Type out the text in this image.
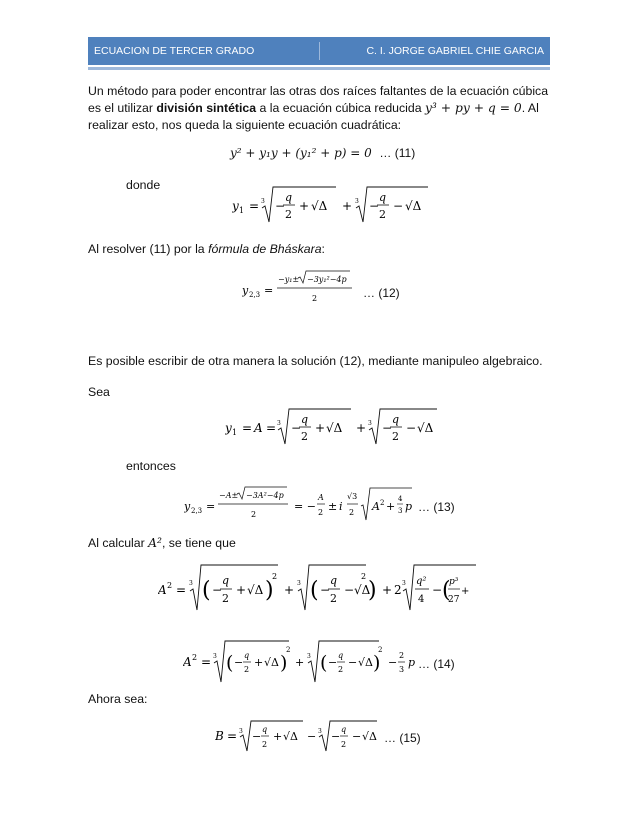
ECUACION DE TERCER GRADO	C. I. JORGE GABRIEL CHIE GARCIA
Un método para poder encontrar las otras dos raíces faltantes de la ecuación cúbica
es el utilizar división sintética a la ecuación cúbica reducida y³ + py + q = 0. Al
realizar esto, nos queda la siguiente ecuación cuadrática:
y² + y₁y + (y₁² + p) = 0 … (11)
donde
y 1 = 3 −
q
2
+ √Δ + 3 −
q
2
− √Δ
Al resolver (11) por la fórmula de Bháskara:
y 2,3 =
−y₁± −3y₁²−4p
2	… (12)
Es posible escribir de otra manera la solución (12), mediante manipuleo algebraico.
Sea
y 1 = A = 3 −
q
2
+ √Δ + 3 −
q
2
− √Δ
entonces
y 2,3 =
−A± −3A²−4p
2
= −
A
2 ± i
√3
2 A 2 +
4
3 p … (13)
Al calcular A², se tiene que
A 2 = 3 ( −
q
2
+ √Δ )
2
+ 3 ( −
q
2
− √Δ
)
2
+ 2 3 q²
4
− (
p³
27
+
A 2 = 3 ( −
q
2
+ √Δ )
2
+ 3 ( −
q
2
− √Δ )
2
−
2
3
p … (14)
Ahora sea:
B = 3 −
q
2
+ √Δ − 3 −
q
2
− √Δ … (15)
